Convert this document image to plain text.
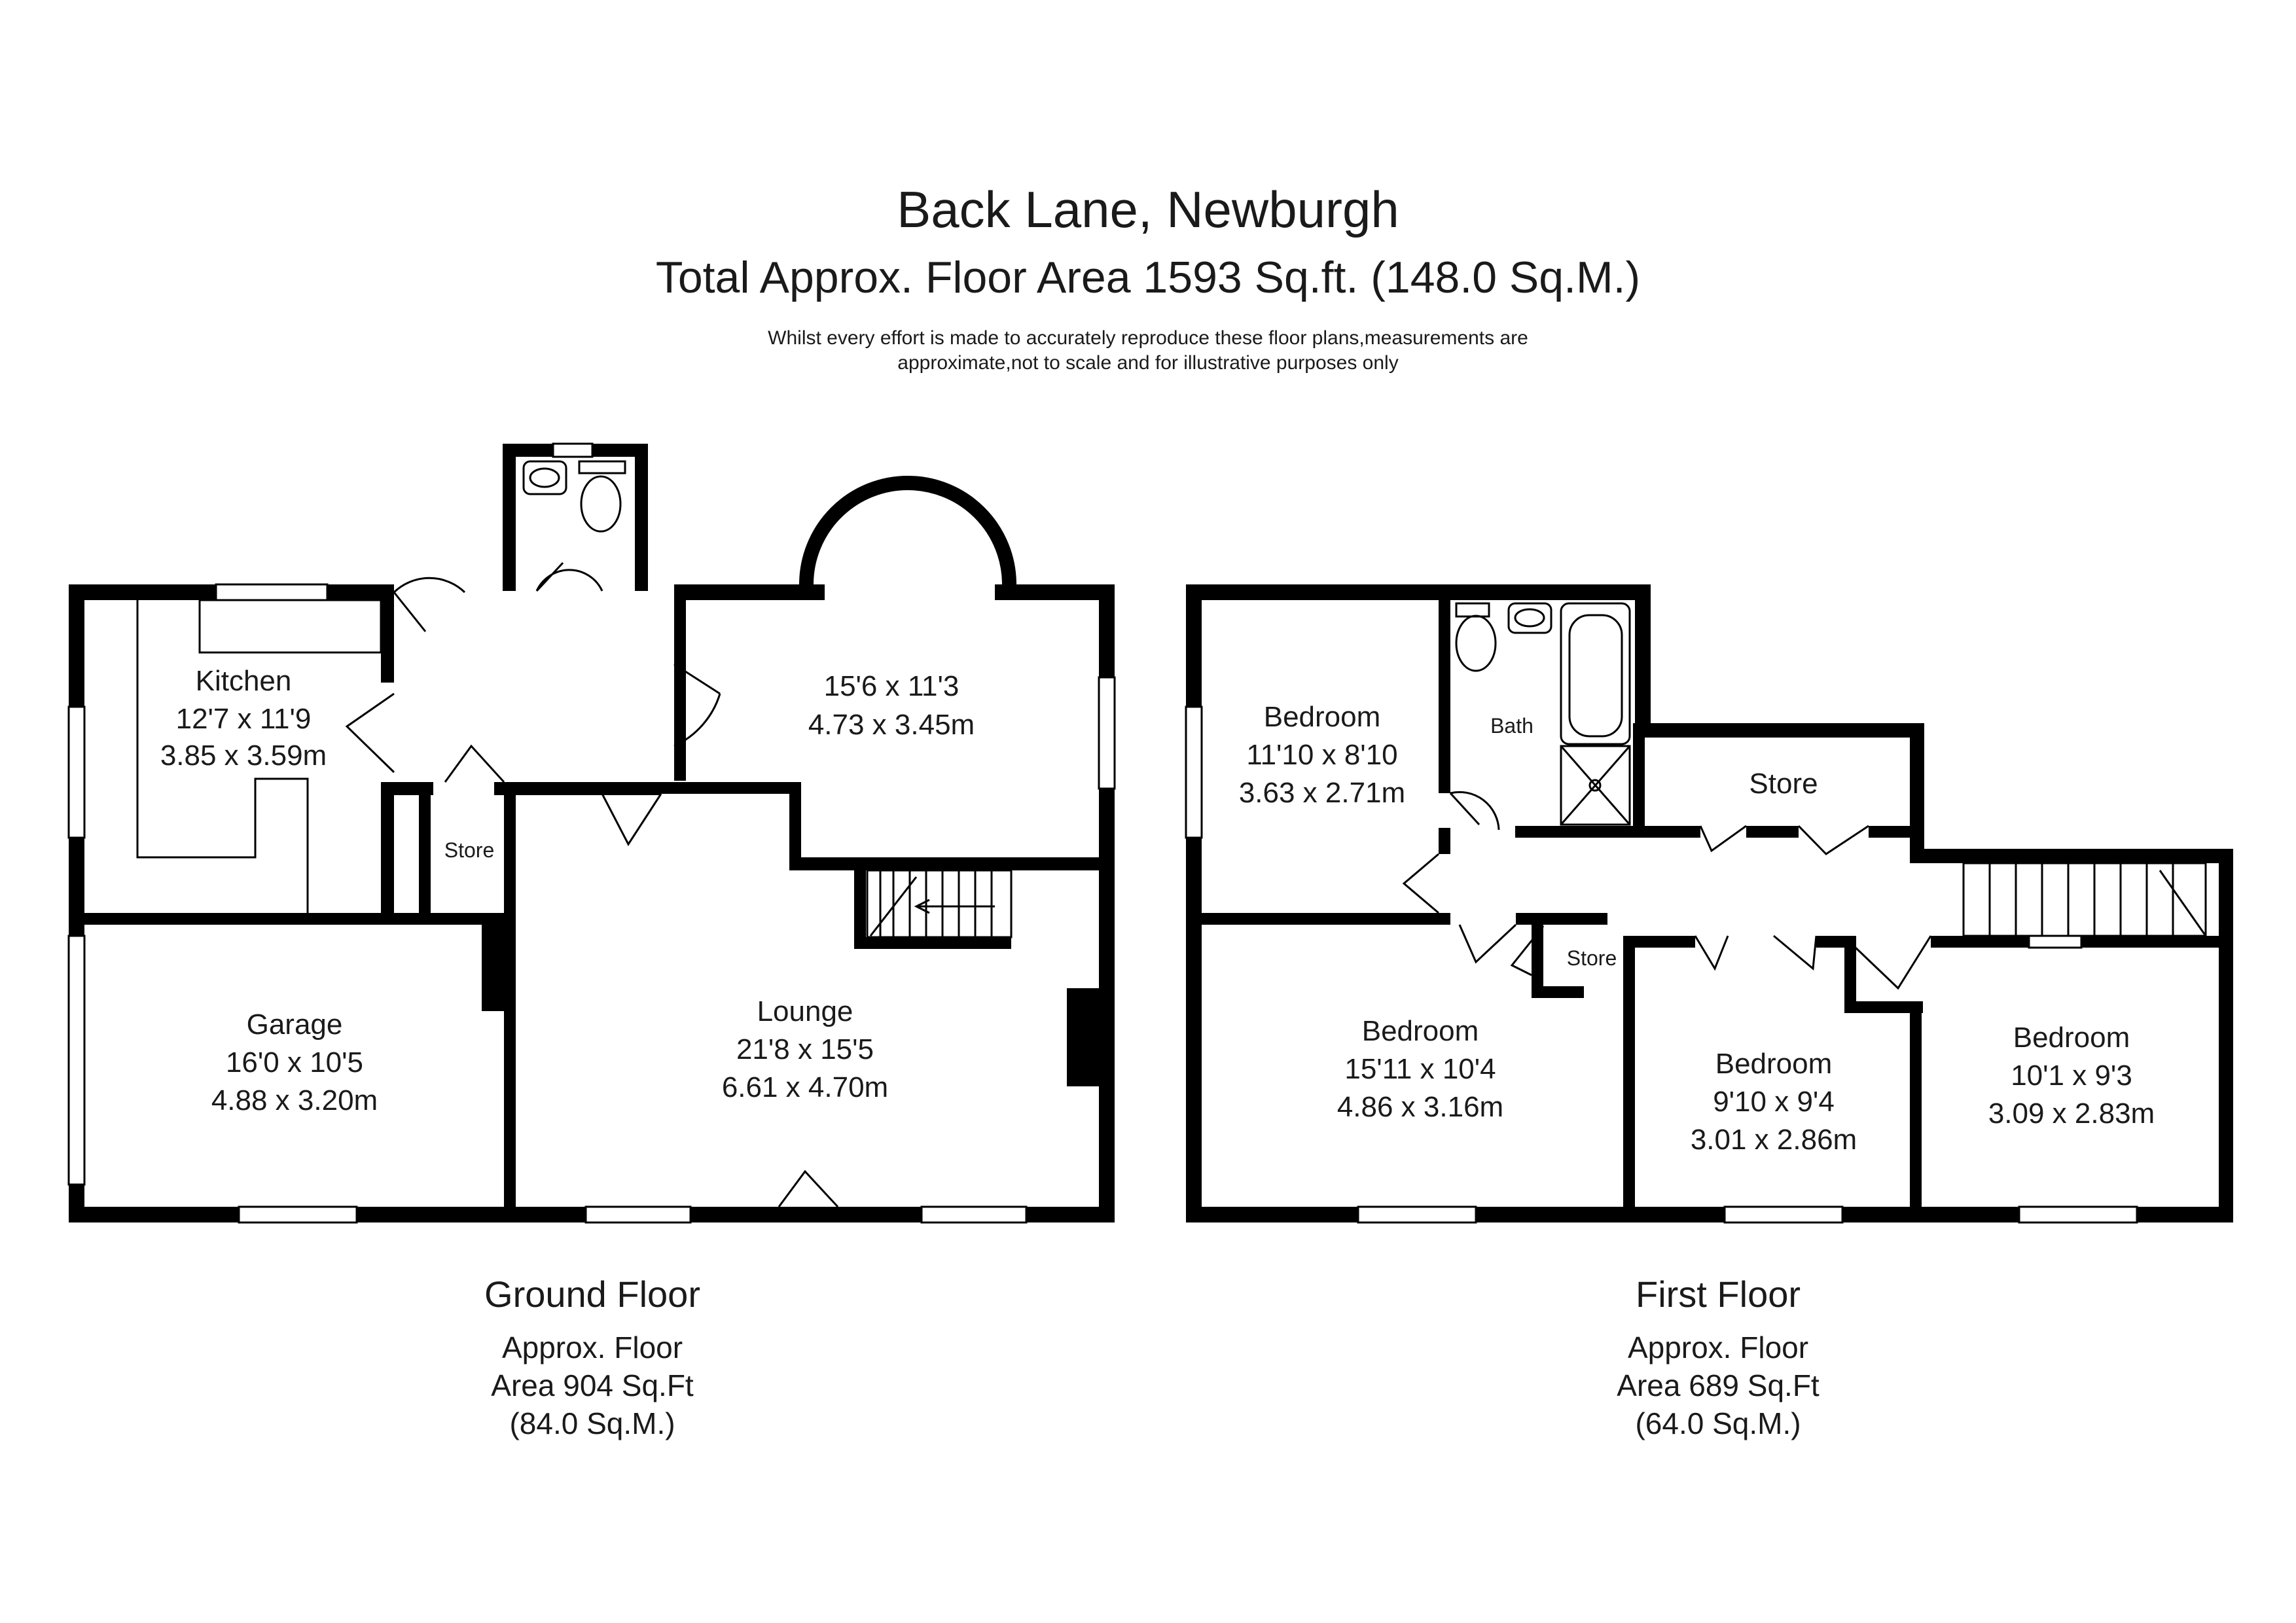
Back Lane, Newburgh
Total Approx. Floor Area 1593 Sq.ft. (148.0 Sq.M.)
Whilst every effort is made to accurately reproduce these floor plans,measurements are
approximate,not to scale and for illustrative purposes only
Kitchen
12'7 x 11'9
3.85 x 3.59m
15'6 x 11'3
4.73 x 3.45m
Store
Garage
16'0 x 10'5
4.88 x 3.20m
Lounge
21'8 x 15'5
6.61 x 4.70m
Bedroom
11'10 x 8'10
3.63 x 2.71m
Bath
Store
Store
Bedroom
15'11 x 10'4
4.86 x 3.16m
Bedroom
9'10 x 9'4
3.01 x 2.86m
Bedroom
10'1 x 9'3
3.09 x 2.83m
Ground Floor
Approx. Floor
Area 904 Sq.Ft
(84.0 Sq.M.)
First Floor
Approx. Floor
Area 689 Sq.Ft
(64.0 Sq.M.)
